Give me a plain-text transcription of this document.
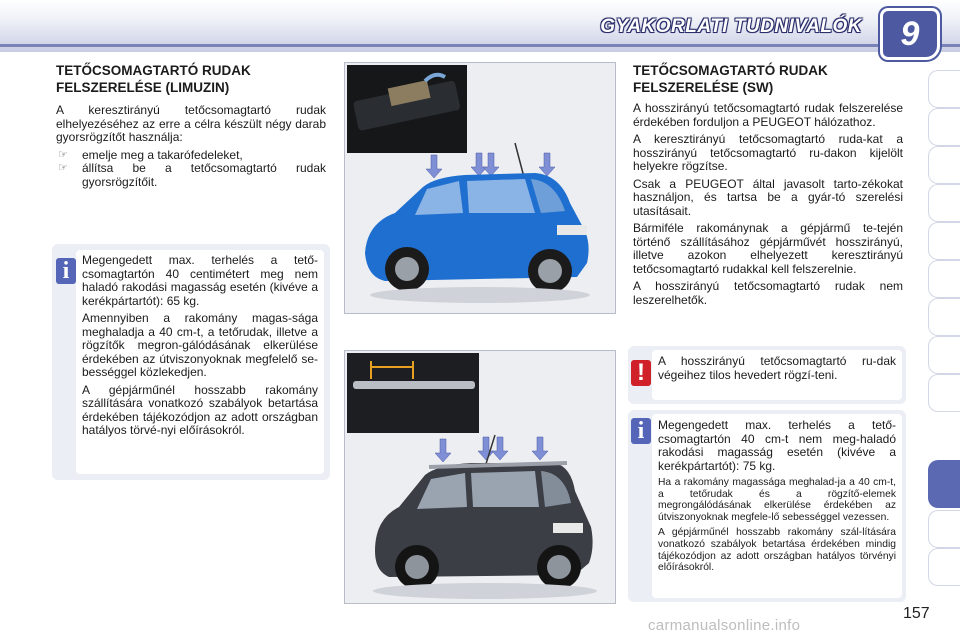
GYAKORLATI TUDNIVALÓK	9
TETŐCSOMAGTARTÓ RUDAK
FELSZERELÉSE (LIMUZIN)

A keresztirányú tetőcsomagtartó rudak elhelyezéséhez az erre a célra készült négy darab gyorsrögzítőt használja:

☞ emelje meg a takarófedeleket,
☞ állítsa be a tetőcsomagtartó rudak gyorsrögzítőit.

Megengedett max. terhelés a tető-csomagtartón 40 centimétert meg nem haladó rakodási magasság esetén (kivéve a kerékpártartót): 65 kg.

Amennyiben a rakomány magas-sága meghaladja a 40 cm-t, a tetőrudak, illetve a rögzítők megron-gálódásának elkerülése érdekében az útviszonyoknak megfelelő se-bességgel közlekedjen.

A gépjárműnél hosszabb rakomány szállítására vonatkozó szabályok betartása érdekében tájékozódjon az adott országban hatályos törvé-nyi előírásokról.

i
TETŐCSOMAGTARTÓ RUDAK
FELSZERELÉSE (SW)

A hosszirányú tetőcsomagtartó rudak felszerelése érdekében forduljon a PEUGEOT hálózathoz.

A keresztirányú tetőcsomagtartó ruda-kat a hosszirányú tetőcsomagtartó ru-dakon kijelölt helyekre rögzítse.

Csak a PEUGEOT által javasolt tarto-zékokat használjon, és tartsa be a gyár-tó szerelési utasításait.

Bármiféle rakománynak a gépjármű te-tején történő szállításához gépjárművét hosszirányú, illetve azokon elhelyezett keresztirányú tetőcsomagtartó rudakkal kell felszerelnie.

A hosszirányú tetőcsomagtartó rudak nem leszerelhetők.

A hosszirányú tetőcsomagtartó ru-dak végeihez tilos hevedert rögzí-teni.
!

Megengedett max. terhelés a tető-csomagtartón 40 cm-t nem meg-haladó rakodási magasság esetén (kivéve a kerékpártartót): 75 kg.

Ha a rakomány magassága meghalad-ja a 40 cm-t, a tetőrudak és a rögzítő-elemek megrongálódásának elkerülése érdekében az útviszonyoknak megfele-lő sebességgel vezessen.

A gépjárműnél hosszabb rakomány szál-lítására vonatkozó szabályok betartása érdekében mindig tájékozódjon az adott országban hatályos törvényi előírásokról.

i
157
carmanualsonline.info
